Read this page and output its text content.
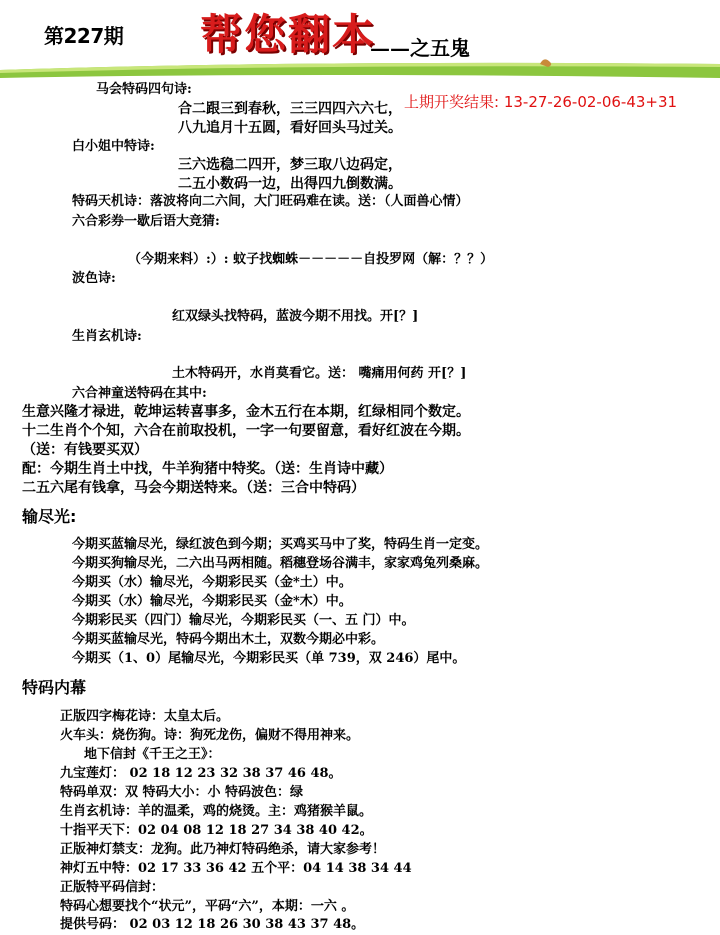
第227期 帮您翻本
——之五鬼
上期开奖结果: 13-27-26-02-06-43+31
马会特码四句诗:
合二跟三到春秋，三三四四六六七，
八九追月十五圆，看好回头马过关。
白小姐中特诗:
三六选稳二四开，梦三取八边码定，
二五小数码一边，出得四九倒数满。
特码天机诗：落波将向二六间，大门旺码难在读。送：（人面兽心情）
六合彩券一歇后语大竞猜:
（今期来料）:）: 蚊子找蜘蛛－－－－－自投罗网（解：？？）
波色诗:
红双绿头找特码，蓝波今期不用找。开[？]
生肖玄机诗:
土木特码开，水肖莫看它。送： 嘴痛用何药 开[？]
六合神童送特码在其中:
生意兴隆才禄进，乾坤运转喜事多，金木五行在本期，红绿相同个数定。
十二生肖个个知，六合在前取投机，一字一句要留意，看好红波在今期。
（送：有钱要买双）
配：今期生肖土中找，牛羊狗猪中特奖。（送：生肖诗中藏）
二五六尾有钱拿，马会今期送特来。（送：三合中特码）
输尽光:
今期买蓝输尽光，绿红波色到今期；买鸡买马中了奖，特码生肖一定变。
今期买狗输尽光，二六出马两相随。稻穗登场谷满丰，家家鸡兔列桑麻。
今期买（水）输尽光，今期彩民买（金*土）中。
今期买（水）输尽光，今期彩民买（金*木）中。
今期彩民买（四门）输尽光，今期彩民买（一、五 门）中。
今期买蓝输尽光，特码今期出木土，双数今期必中彩。
今期买（1、0）尾输尽光，今期彩民买（单 739，双 246）尾中。
特码内幕
正版四字梅花诗：太皇太后。
火车头：烧伤狗。诗：狗死龙伤，偏财不得用神来。
地下信封《千王之王》：
九宝莲灯： 02 18 12 23 32 38 37 46 48。
特码单双：双 特码大小：小 特码波色：绿
生肖玄机诗：羊的温柔，鸡的烧烫。主：鸡猪猴羊鼠。
十指平天下：02 04 08 12 18 27 34 38 40 42。
正版神灯禁支：龙狗。此乃神灯特码绝杀，请大家参考！
神灯五中特：02 17 33 36 42 五个平：04 14 38 34 44
正版特平码信封：
特码心想要找个“状元”，平码“六”，本期：一六 。
提供号码： 02 03 12 18 26 30 38 43 37 48。
